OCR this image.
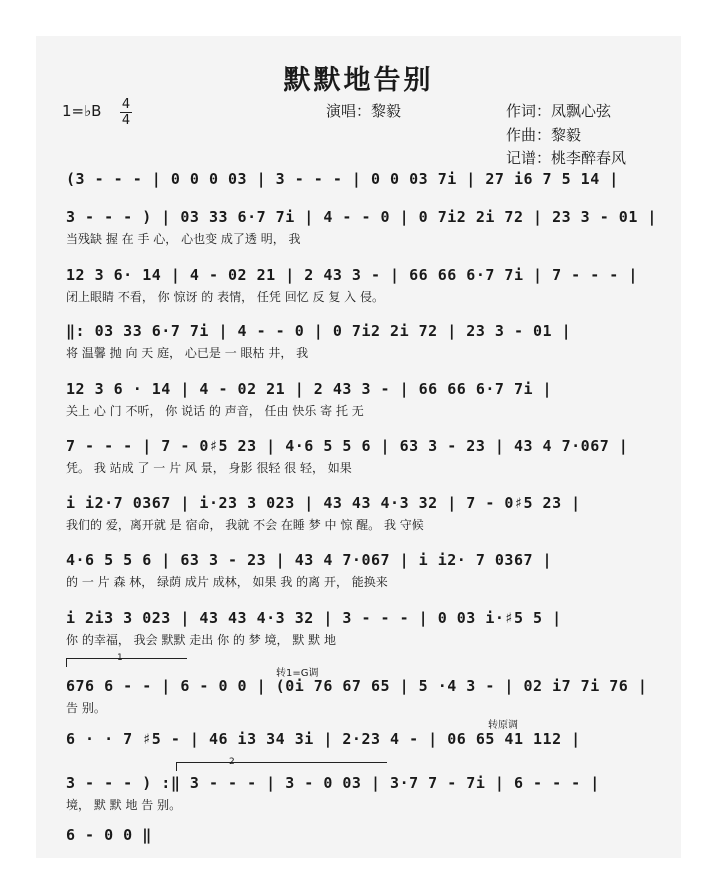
默默地告别
1=♭B 4
4
演唱：黎毅	作词：凤飘心弦
作曲：黎毅
记谱：桃李醉春风
(3 - - - | 0 0 0 03 | 3 - - - | 0 0 03 7i | 27 i6 7 5 14 |
3 - - - ) | 03 33 6·7 7i | 4 - - 0 | 0 7i2 2i 72 | 23 3 - 01 |
当残缺 握 在 手 心， 心也变 成了透 明， 我
12 3 6· 14 | 4 - 02 21 | 2 43 3 - | 66 66 6·7 7i | 7 - - - |
闭上眼睛 不看， 你 惊讶 的 表情， 任凭 回忆 反 复 入 侵。
‖: 03 33 6·7 7i | 4 - - 0 | 0 7i2 2i 72 | 23 3 - 01 |
将 温馨 抛 向 天 庭， 心已是 一 眼枯 井， 我
12 3 6 · 14 | 4 - 02 21 | 2 43 3 - | 66 66 6·7 7i |
关上 心 门 不听， 你 说话 的 声音， 任由 快乐 寄 托 无
7 - - - | 7 - 0♯5 23 | 4·6 5 5 6 | 63 3 - 23 | 43 4 7·067 |
凭。 我 站成 了 一 片 风 景， 身影 很轻 很 轻， 如果
i i2·7 0367 | i·23 3 023 | 43 43 4·3 32 | 7 - 0♯5 23 |
我们的 爱，离开就 是 宿命， 我就 不会 在睡 梦 中 惊 醒。 我 守候
4·6 5 5 6 | 63 3 - 23 | 43 4 7·067 | i i2· 7 0367 |
的 一 片 森 林， 绿荫 成片 成林， 如果 我 的离 开， 能换来
i 2i3 3 023 | 43 43 4·3 32 | 3 - - - | 0 03 i·♯5 5 |
你 的幸福， 我会 默默 走出 你 的 梦 境， 默 默 地
1
转1=G调
676 6 - - | 6 - 0 0 | (0i 76 67 65 | 5 ·4 3 - | 02 i7 7i 76 |
告 别。
转原调
6 · · 7 ♯5 - | 46 i3 34 3i | 2·23 4 - | 06 65 41 112 |
2
3 - - - ) :‖ 3 - - - | 3 - 0 03 | 3·7 7 - 7i | 6 - - - |
境， 默 默 地 告 别。
6 - 0 0 ‖
